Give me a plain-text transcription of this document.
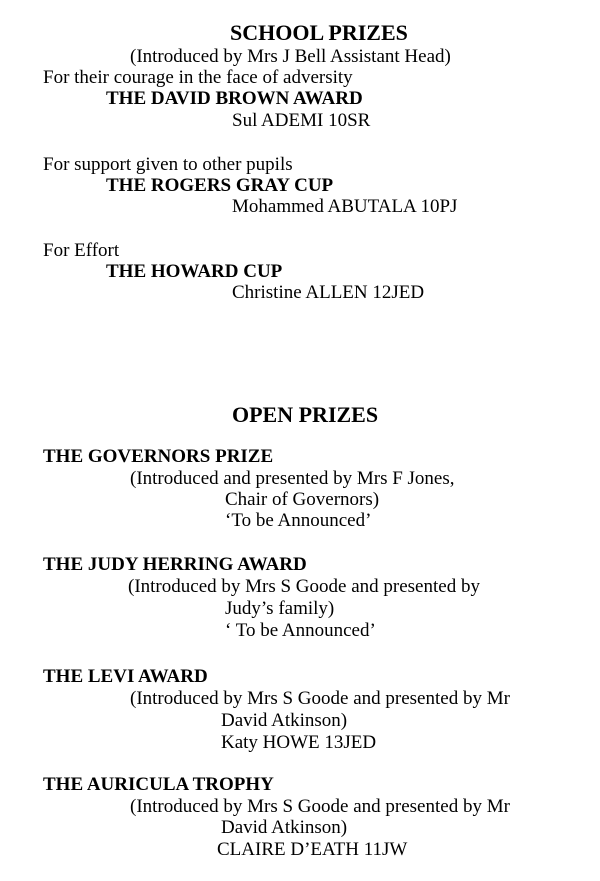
SCHOOL PRIZES
(Introduced by Mrs J Bell Assistant Head)
For their courage in the face of adversity
THE DAVID BROWN AWARD
Sul ADEMI 10SR
For support given to other pupils
THE ROGERS GRAY CUP
Mohammed ABUTALA 10PJ
For Effort
THE HOWARD CUP
Christine ALLEN 12JED
OPEN PRIZES
THE GOVERNORS PRIZE
(Introduced and presented by Mrs F Jones,
Chair of Governors)
‘To be Announced’
THE JUDY HERRING AWARD
(Introduced by Mrs S Goode and presented by
Judy’s family)
‘ To be Announced’
THE LEVI AWARD
(Introduced by Mrs S Goode and presented by Mr
David Atkinson)
Katy HOWE 13JED
THE AURICULA TROPHY
(Introduced by Mrs S Goode and presented by Mr
David Atkinson)
CLAIRE D’EATH 11JW
